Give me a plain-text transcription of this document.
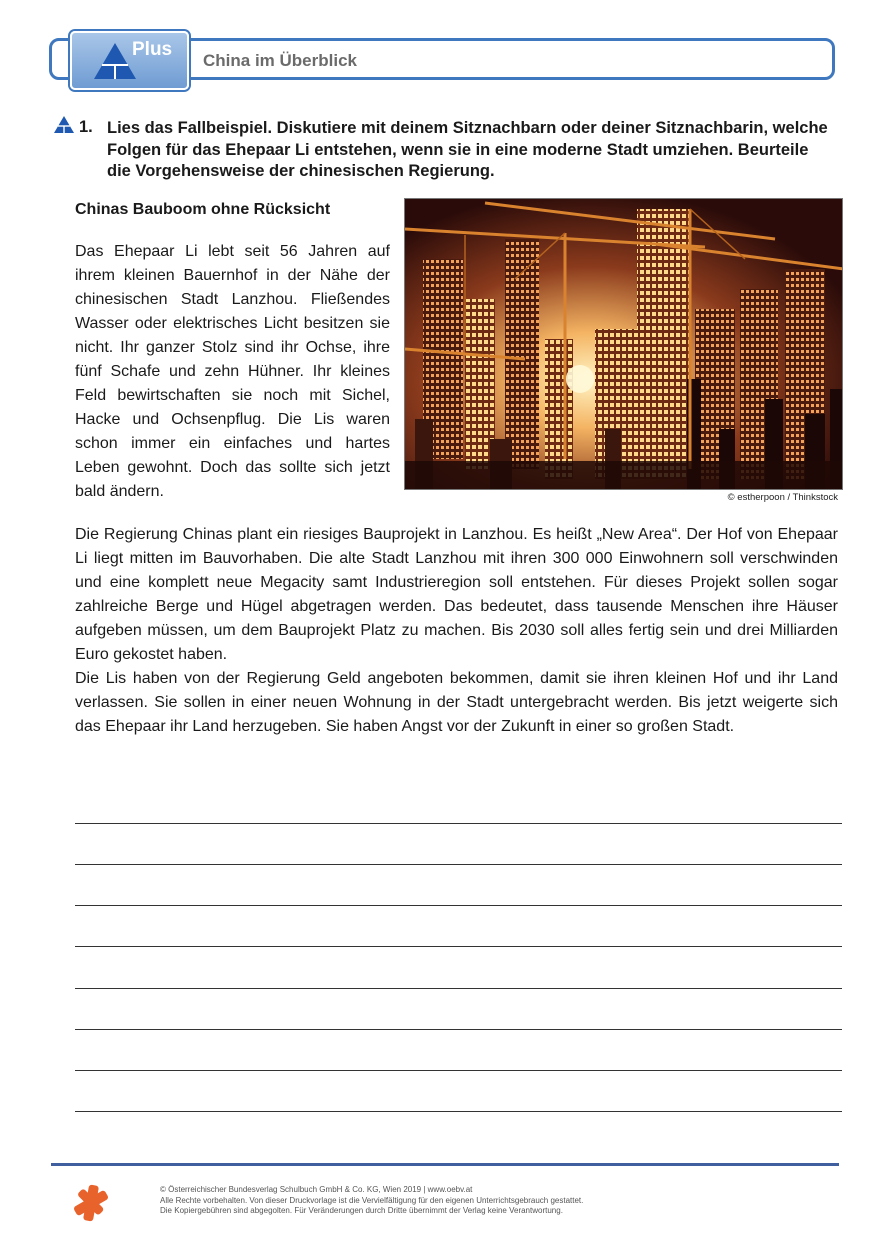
Plus
China im Überblick
1. Lies das Fallbeispiel. Diskutiere mit deinem Sitznachbarn oder deiner Sitznachbarin, welche Folgen für das Ehepaar Li entstehen, wenn sie in eine moderne Stadt umziehen. Beurteile die Vorgehensweise der chinesischen Regierung.
Chinas Bauboom ohne Rücksicht
© estherpoon / Thinkstock
Das Ehepaar Li lebt seit 56 Jahren auf ihrem kleinen Bauernhof in der Nähe der chinesischen Stadt Lanzhou. Fließendes Wasser oder elektrisches Licht besitzen sie nicht. Ihr ganzer Stolz sind ihr Ochse, ihre fünf Schafe und zehn Hühner. Ihr kleines Feld bewirtschaften sie noch mit Sichel, Hacke und Ochsenpflug. Die Lis waren schon immer ein einfaches und hartes Leben gewohnt. Doch das sollte sich jetzt bald ändern.
Die Regierung Chinas plant ein riesiges Bauprojekt in Lanzhou. Es heißt „New Area“. Der Hof von Ehepaar Li liegt mitten im Bauvorhaben. Die alte Stadt Lanzhou mit ihren 300 000 Einwohnern soll verschwinden und eine komplett neue Megacity samt Industrieregion soll entstehen. Für dieses Projekt sollen sogar zahlreiche Berge und Hügel abgetragen werden. Das bedeutet, dass tausende Menschen ihre Häuser aufgeben müssen, um dem Bauprojekt Platz zu machen. Bis 2030 soll alles fertig sein und drei Milliarden Euro gekostet haben.
Die Lis haben von der Regierung Geld angeboten bekommen, damit sie ihren kleinen Hof und ihr Land verlassen. Sie sollen in einer neuen Wohnung in der Stadt untergebracht werden. Bis jetzt weigerte sich das Ehepaar ihr Land herzugeben. Sie haben Angst vor der Zukunft in einer so großen Stadt.
© Österreichischer Bundesverlag Schulbuch GmbH & Co. KG, Wien 2019 | www.oebv.at
Alle Rechte vorbehalten. Von dieser Druckvorlage ist die Vervielfältigung für den eigenen Unterrichtsgebrauch gestattet.
Die Kopiergebühren sind abgegolten. Für Veränderungen durch Dritte übernimmt der Verlag keine Verantwortung.
